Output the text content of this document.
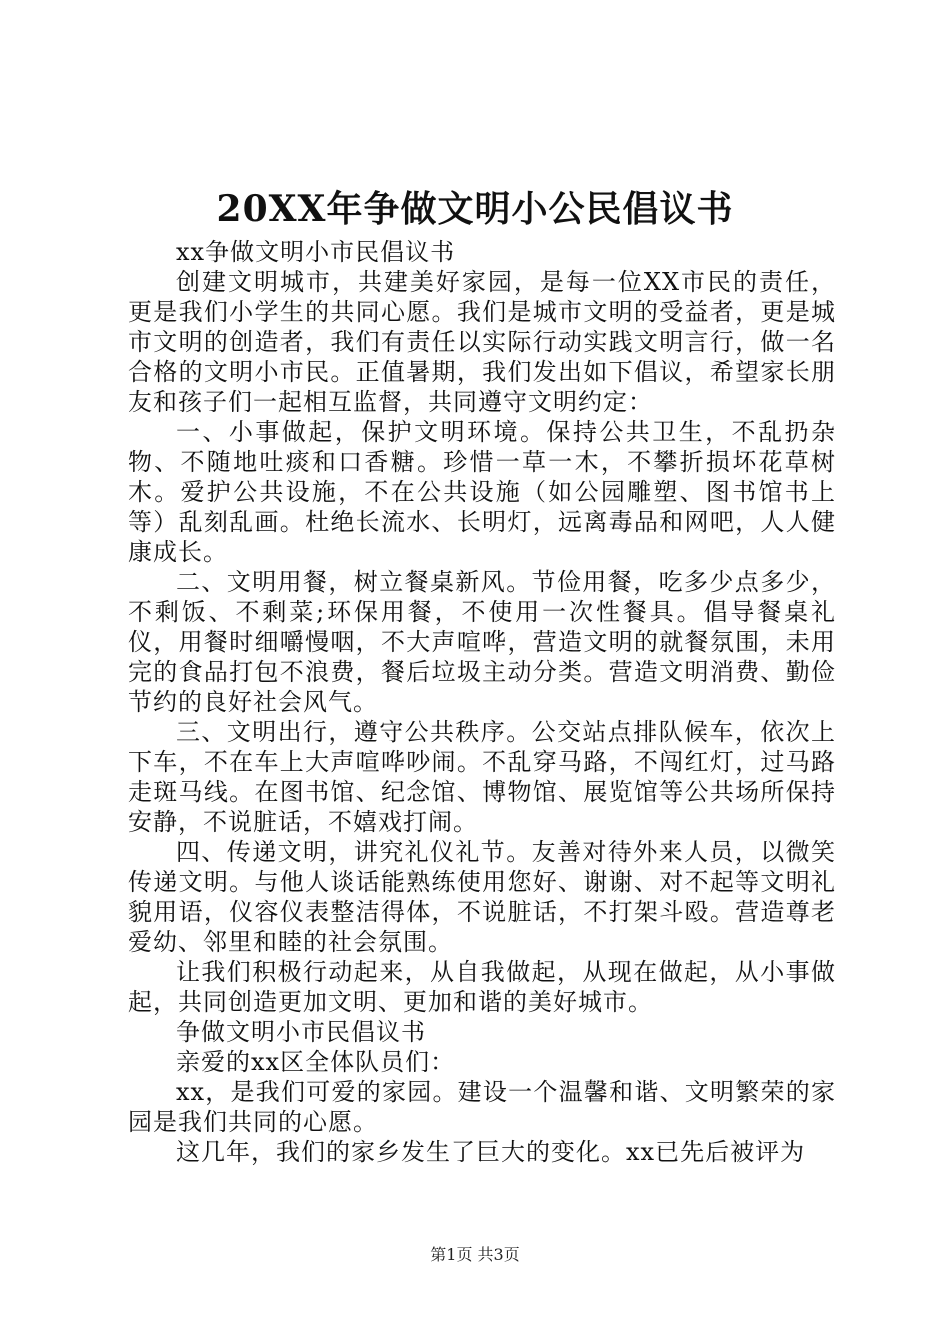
20XX年争做文明小公民倡议书

xx争做文明小市民倡议书

创建文明城市，共建美好家园，是每一位XX市民的责任，更是我们小学生的共同心愿。我们是城市文明的受益者，更是城市文明的创造者，我们有责任以实际行动实践文明言行，做一名合格的文明小市民。正值暑期，我们发出如下倡议，希望家长朋友和孩子们一起相互监督，共同遵守文明约定：

一、小事做起，保护文明环境。保持公共卫生，不乱扔杂物、不随地吐痰和口香糖。珍惜一草一木，不攀折损坏花草树木。爱护公共设施，不在公共设施（如公园雕塑、图书馆书上等）乱刻乱画。杜绝长流水、长明灯，远离毒品和网吧，人人健康成长。

二、文明用餐，树立餐桌新风。节俭用餐，吃多少点多少，不剩饭、不剩菜;环保用餐，不使用一次性餐具。倡导餐桌礼仪，用餐时细嚼慢咽，不大声喧哗，营造文明的就餐氛围，未用完的食品打包不浪费，餐后垃圾主动分类。营造文明消费、勤俭节约的良好社会风气。

三、文明出行，遵守公共秩序。公交站点排队候车，依次上下车，不在车上大声喧哗吵闹。不乱穿马路，不闯红灯，过马路走斑马线。在图书馆、纪念馆、博物馆、展览馆等公共场所保持安静，不说脏话，不嬉戏打闹。

四、传递文明，讲究礼仪礼节。友善对待外来人员，以微笑传递文明。与他人谈话能熟练使用您好、谢谢、对不起等文明礼貌用语，仪容仪表整洁得体，不说脏话，不打架斗殴。营造尊老爱幼、邻里和睦的社会氛围。

让我们积极行动起来，从自我做起，从现在做起，从小事做起，共同创造更加文明、更加和谐的美好城市。

争做文明小市民倡议书

亲爱的xx区全体队员们：

xx，是我们可爱的家园。建设一个温馨和谐、文明繁荣的家园是我们共同的心愿。

这几年，我们的家乡发生了巨大的变化。xx已先后被评为

第1页 共3页
